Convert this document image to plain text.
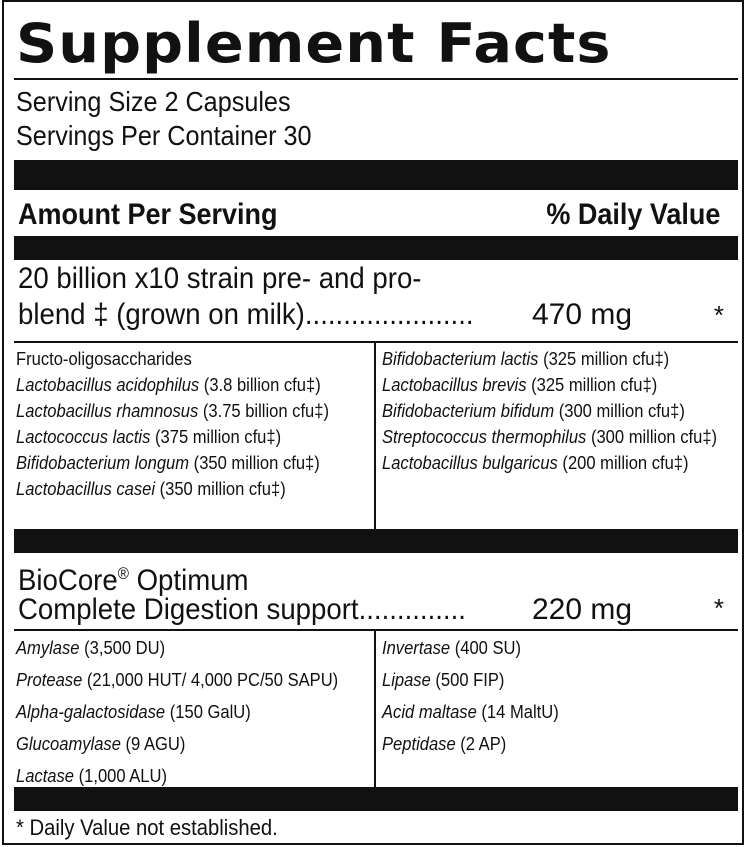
Supplement Facts
Serving Size 2 Capsules
Servings Per Container 30
Amount Per Serving	% Daily Value
20 billion x10 strain pre- and pro-
blend ‡ (grown on milk)...................... 470 mg	*
Fructo-oligosaccharides
Lactobacillus acidophilus (3.8 billion cfu‡)
Lactobacillus rhamnosus (3.75 billion cfu‡)
Lactococcus lactis (375 million cfu‡)
Bifidobacterium longum (350 million cfu‡)
Lactobacillus casei (350 million cfu‡)
Bifidobacterium lactis (325 million cfu‡)
Lactobacillus brevis (325 million cfu‡)
Bifidobacterium bifidum (300 million cfu‡)
Streptococcus thermophilus (300 million cfu‡)
Lactobacillus bulgaricus (200 million cfu‡)
BioCore® Optimum
Complete Digestion support.............. 220 mg	*
Amylase (3,500 DU)
Protease (21,000 HUT/ 4,000 PC/50 SAPU)
Alpha-galactosidase (150 GalU)
Glucoamylase (9 AGU)
Lactase (1,000 ALU)
Invertase (400 SU)
Lipase (500 FIP)
Acid maltase (14 MaltU)
Peptidase (2 AP)
* Daily Value not established.
